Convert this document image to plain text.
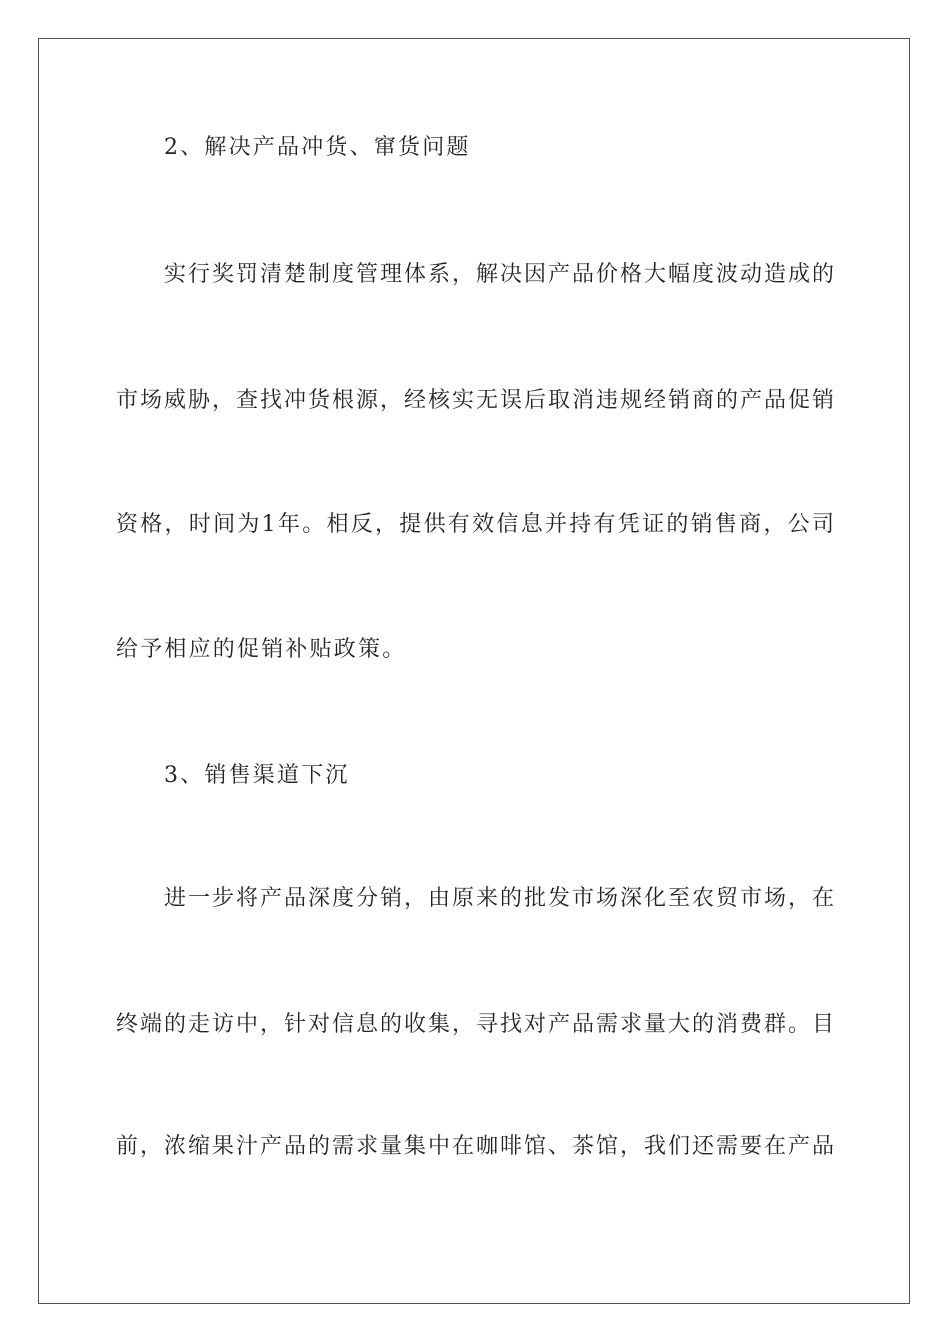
2、解决产品冲货、窜货问题
实行奖罚清楚制度管理体系，解决因产品价格大幅度波动造成的
市场威胁，查找冲货根源，经核实无误后取消违规经销商的产品促销
资格，时间为1年。相反，提供有效信息并持有凭证的销售商，公司
给予相应的促销补贴政策。
3、销售渠道下沉
进一步将产品深度分销，由原来的批发市场深化至农贸市场，在
终端的走访中，针对信息的收集，寻找对产品需求量大的消费群。目
前，浓缩果汁产品的需求量集中在咖啡馆、茶馆，我们还需要在产品
